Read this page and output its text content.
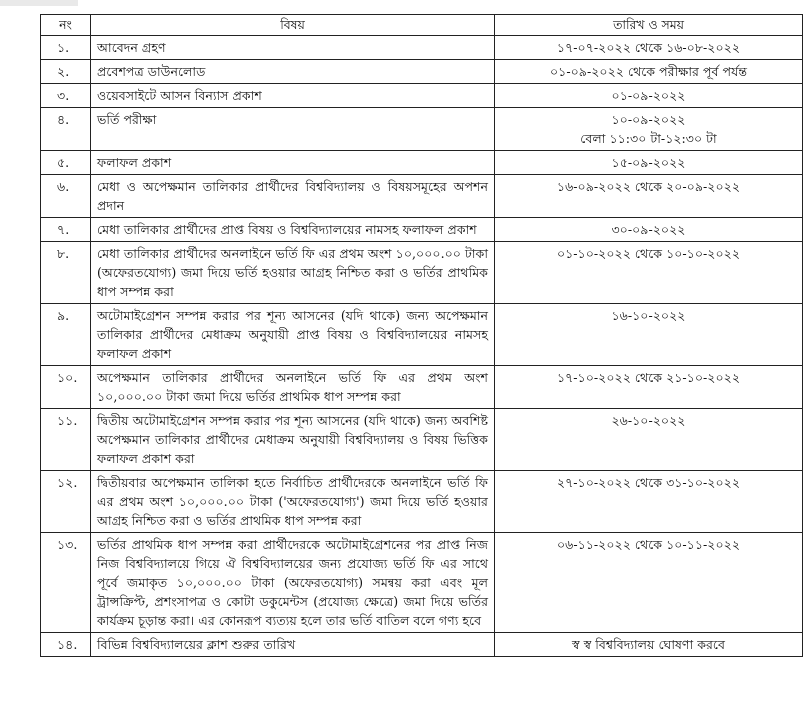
নং	বিষয়	তারিখ ও সময়
১.	আবেদন গ্রহণ	১৭-০৭-২০২২ থেকে ১৬-০৮-২০২২

২.	প্রবেশপত্র ডাউনলোড	০১-০৯-২০২২ থেকে পরীক্ষার পূর্ব পর্যন্ত

৩.	ওয়েবসাইটে আসন বিন্যাস প্রকাশ	০১-০৯-২০২২

৪.	ভর্তি পরীক্ষা	১০-০৯-২০২২
বেলা ১১:৩০ টা-১২:৩০ টা

৫.	ফলাফল প্রকাশ	১৫-০৯-২০২২

৬.	মেধা ও অপেক্ষমান তালিকার প্রার্থীদের বিশ্ববিদ্যালয় ও বিষয়সমূহের অপশন প্রদান	১৬-০৯-২০২২ থেকে ২০-০৯-২০২২

৭.	মেধা তালিকার প্রার্থীদের প্রাপ্ত বিষয় ও বিশ্ববিদ্যালয়ের নামসহ ফলাফল প্রকাশ	৩০-০৯-২০২২

৮.	মেধা তালিকার প্রার্থীদের অনলাইনে ভর্তি ফি এর প্রথম অংশ ১০,০০০.০০ টাকা (অফেরতযোগ্য) জমা দিয়ে ভর্তি হওয়ার আগ্রহ নিশ্চিত করা ও ভর্তির প্রাথমিক ধাপ সম্পন্ন করা	০১-১০-২০২২ থেকে ১০-১০-২০২২

৯.	অটোমাইগ্রেশন সম্পন্ন করার পর শূন্য আসনের (যদি থাকে) জন্য অপেক্ষমান তালিকার প্রার্থীদের মেধাক্রম অনুযায়ী প্রাপ্ত বিষয় ও বিশ্ববিদ্যালয়ের নামসহ ফলাফল প্রকাশ	১৬-১০-২০২২

১০.	অপেক্ষমান তালিকার প্রার্থীদের অনলাইনে ভর্তি ফি এর প্রথম অংশ ১০,০০০.০০ টাকা জমা দিয়ে ভর্তির প্রাথমিক ধাপ সম্পন্ন করা	১৭-১০-২০২২ থেকে ২১-১০-২০২২

১১.	দ্বিতীয় অটোমাইগ্রেশন সম্পন্ন করার পর শূন্য আসনের (যদি থাকে) জন্য অবশিষ্ট অপেক্ষমান তালিকার প্রার্থীদের মেধাক্রম অনুযায়ী বিশ্ববিদ্যালয় ও বিষয় ভিত্তিক ফলাফল প্রকাশ করা	২৬-১০-২০২২

১২.	দ্বিতীয়বার অপেক্ষমান তালিকা হতে নির্বাচিত প্রার্থীদেরকে অনলাইনে ভর্তি ফি এর প্রথম অংশ ১০,০০০.০০ টাকা ('অফেরতযোগ্য') জমা দিয়ে ভর্তি হওয়ার আগ্রহ নিশ্চিত করা ও ভর্তির প্রাথমিক ধাপ সম্পন্ন করা	২৭-১০-২০২২ থেকে ৩১-১০-২০২২

১৩.	ভর্তির প্রাথমিক ধাপ সম্পন্ন করা প্রার্থীদেরকে অটোমাইগ্রেশনের পর প্রাপ্ত নিজ নিজ বিশ্ববিদ্যালয়ে গিয়ে ঐ বিশ্ববিদ্যালয়ের জন্য প্রযোজ্য ভর্তি ফি এর সাথে পূর্বে জমাকৃত ১০,০০০.০০ টাকা (অফেরতযোগ্য) সমন্বয় করা এবং মূল ট্রান্সক্রিপ্ট, প্রশংসাপত্র ও কোটা ডকুমেন্টস (প্রযোজ্য ক্ষেত্রে) জমা দিয়ে ভর্তির কার্যক্রম চূড়ান্ত করা। এর কোনরূপ ব্যত্যয় হলে তার ভর্তি বাতিল বলে গণ্য হবে	০৬-১১-২০২২ থেকে ১০-১১-২০২২

১৪.	বিভিন্ন বিশ্ববিদ্যালয়ের ক্লাশ শুরুর তারিখ	স্ব স্ব বিশ্ববিদ্যালয় ঘোষণা করবে
